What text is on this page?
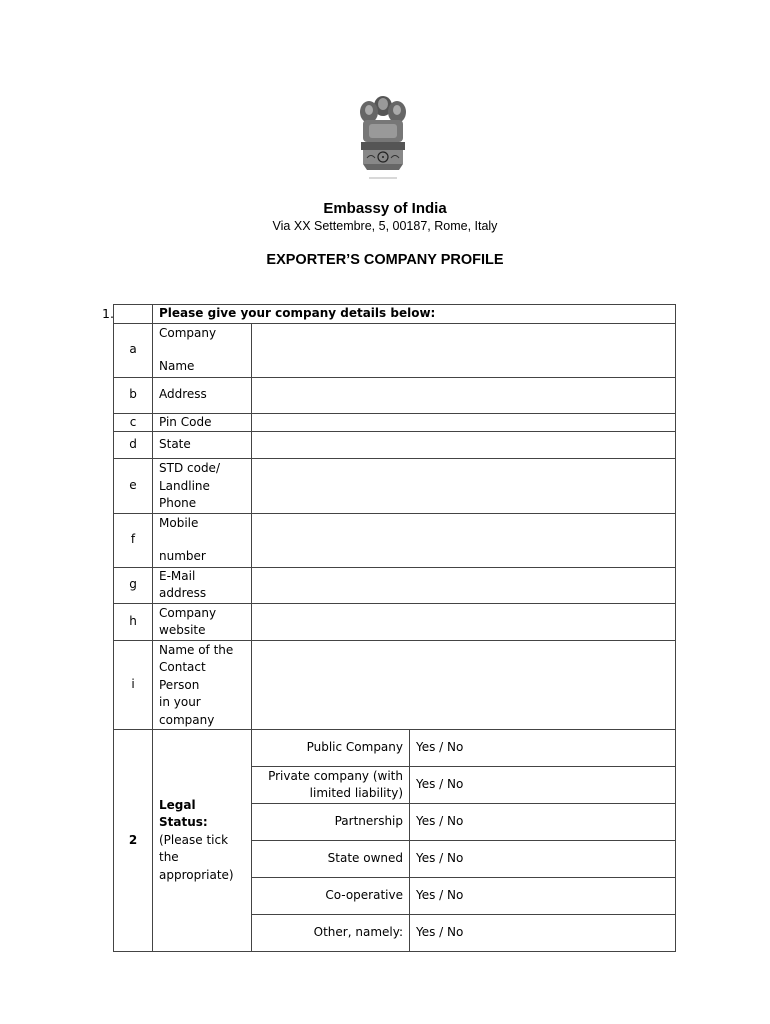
Embassy of India
Via XX Settembre, 5, 00187, Rome, Italy
EXPORTER’S COMPANY PROFILE
1.
		Please give your company details below:		
a	Company
Name		

b	Address		
c	Pin Code		
d	State		
e	STD code/
Landline
Phone		

f	Mobile
number		

g	E-Mail address		
h	Company
website		

i	Name of the
Contact Person
in your
company		

2	Legal Status:
(Please tick the
appropriate)	Public Company	Yes / No

		Private company (with
limited liability)	Yes / No
		Partnership	Yes / No
		State owned	Yes / No
		Co-operative	Yes / No
		Other, namely:	Yes / No
